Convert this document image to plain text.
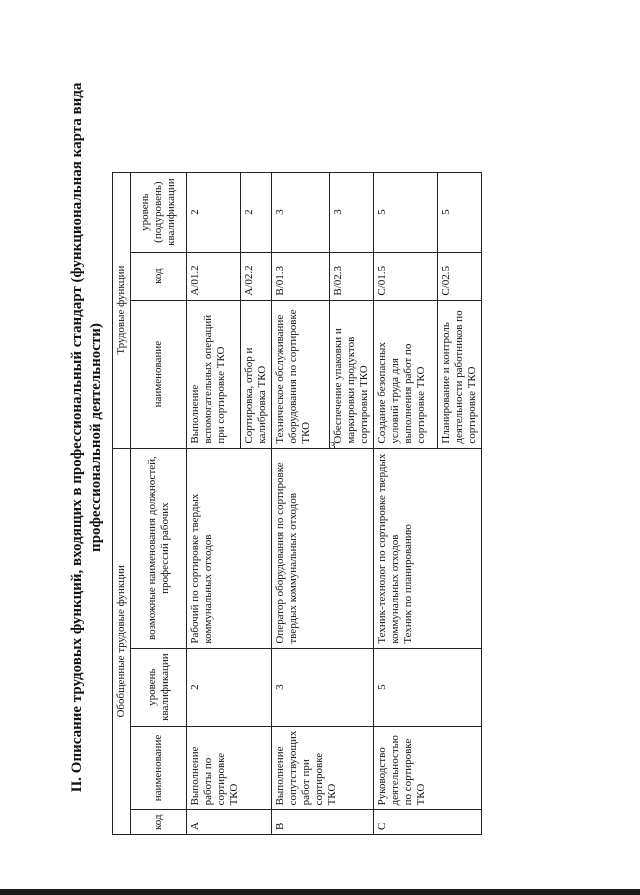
3
II. Описание трудовых функций, входящих в профессиональный стандарт (функциональная карта вида профессиональной деятельности)
Обобщенные трудовые функции				Трудовые функции		
код	наименование	уровень квалификации	возможные наименования должностей, профессий рабочих	наименование	код	уровень (подуровень) квалификации
A	Выполнение работы по сортировке ТКО	2	Рабочий по сортировке твердых коммунальных отходов	Выполнение вспомогательных операций при сортировке ТКО	A/01.2	2
				Сортировка, отбор и калибровка ТКО	A/02.2	2
B	Выполнение сопутствующих работ при сортировке ТКО	3	Оператор оборудования по сортировке твердых коммунальных отходов	Техническое обслуживание оборудования по сортировке ТКО	B/01.3	3
				Обеспечение упаковки и маркировки продуктов сортировки ТКО	B/02.3	3
C	Руководство деятельностью по сортировке ТКО	5	Техник-технолог по сортировке твердых коммунальных отходов Техник по планированию	Создание безопасных условий труда для выполнения работ по сортировке ТКО	C/01.5	5
				Планирование и контроль деятельности работников по сортировке ТКО	C/02.5	5
